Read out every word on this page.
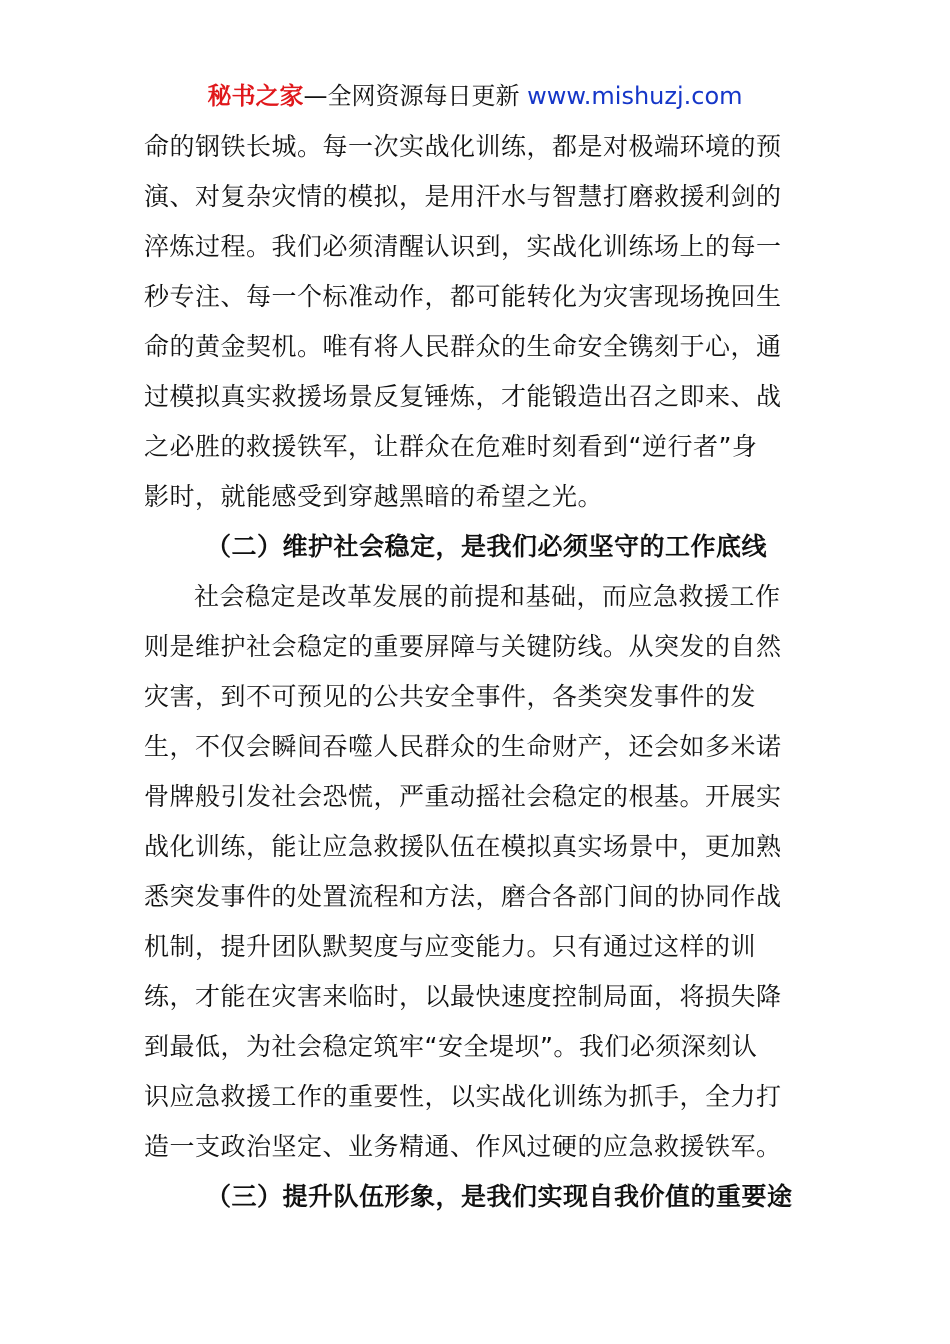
秘书之家—全网资源每日更新 www.mishuzj.com
命的钢铁长城。每一次实战化训练，都是对极端环境的预
演、对复杂灾情的模拟，是用汗水与智慧打磨救援利剑的
淬炼过程。我们必须清醒认识到，实战化训练场上的每一
秒专注、每一个标准动作，都可能转化为灾害现场挽回生
命的黄金契机。唯有将人民群众的生命安全镌刻于心，通
过模拟真实救援场景反复锤炼，才能锻造出召之即来、战
之必胜的救援铁军，让群众在危难时刻看到“逆行者”身
影时，就能感受到穿越黑暗的希望之光。
（二）维护社会稳定，是我们必须坚守的工作底线
社会稳定是改革发展的前提和基础，而应急救援工作
则是维护社会稳定的重要屏障与关键防线。从突发的自然
灾害，到不可预见的公共安全事件，各类突发事件的发
生，不仅会瞬间吞噬人民群众的生命财产，还会如多米诺
骨牌般引发社会恐慌，严重动摇社会稳定的根基。开展实
战化训练，能让应急救援队伍在模拟真实场景中，更加熟
悉突发事件的处置流程和方法，磨合各部门间的协同作战
机制，提升团队默契度与应变能力。只有通过这样的训
练，才能在灾害来临时，以最快速度控制局面，将损失降
到最低，为社会稳定筑牢“安全堤坝”。我们必须深刻认
识应急救援工作的重要性，以实战化训练为抓手，全力打
造一支政治坚定、业务精通、作风过硬的应急救援铁军。
（三）提升队伍形象，是我们实现自我价值的重要途
